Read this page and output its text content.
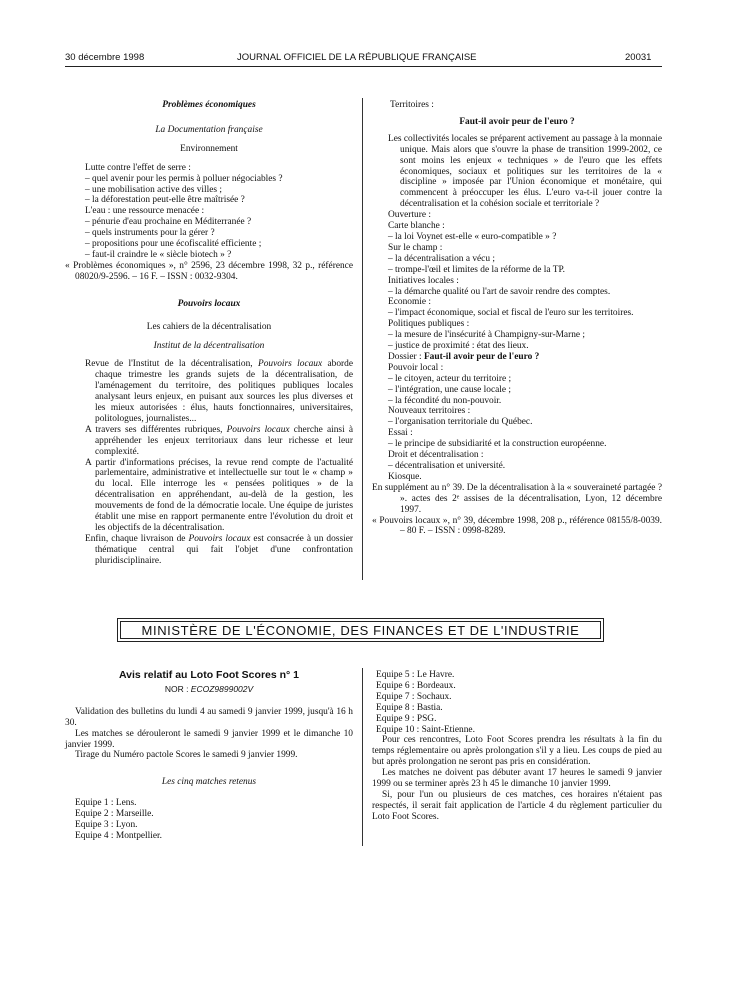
30 décembre 1998	JOURNAL OFFICIEL DE LA RÉPUBLIQUE FRANÇAISE	20031

Problèmes économiques

La Documentation française

Environnement

Lutte contre l'effet de serre :

– quel avenir pour les permis à polluer négociables ?

– une mobilisation active des villes ;

– la déforestation peut-elle être maîtrisée ?

L'eau : une ressource menacée :

– pénurie d'eau prochaine en Méditerranée ?

– quels instruments pour la gérer ?

– propositions pour une écofiscalité efficiente ;

– faut-il craindre le « siècle biotech » ?

« Problèmes économiques », n° 2596, 23 décembre 1998, 32 p., référence 08020/9-2596. – 16 F. – ISSN : 0032-9304.

Pouvoirs locaux

Les cahiers de la décentralisation

Institut de la décentralisation

Revue de l'Institut de la décentralisation, Pouvoirs locaux aborde chaque trimestre les grands sujets de la décentralisation, de l'aménagement du territoire, des politiques publiques locales analysant leurs enjeux, en puisant aux sources les plus diverses et les mieux autorisées : élus, hauts fonctionnaires, universitaires, politologues, journalistes...

A travers ses différentes rubriques, Pouvoirs locaux cherche ainsi à appréhender les enjeux territoriaux dans leur richesse et leur complexité.

A partir d'informations précises, la revue rend compte de l'actualité parlementaire, administrative et intellectuelle sur tout le « champ » du local. Elle interroge les « pensées politiques » de la décentralisation en appréhendant, au-delà de la gestion, les mouvements de fond de la démocratie locale. Une équipe de juristes établit une mise en rapport permanente entre l'évolution du droit et les objectifs de la décentralisation.

Enfin, chaque livraison de Pouvoirs locaux est consacrée à un dossier thématique central qui fait l'objet d'une confrontation pluridisciplinaire.

Territoires :

Faut-il avoir peur de l'euro ?

Les collectivités locales se préparent activement au passage à la monnaie unique. Mais alors que s'ouvre la phase de transition 1999-2002, ce sont moins les enjeux « techniques » de l'euro que les effets économiques, sociaux et politiques sur les territoires de la « discipline » imposée par l'Union économique et monétaire, qui commencent à préoccuper les élus. L'euro va-t-il jouer contre la décentralisation et la cohésion sociale et territoriale ?

Ouverture :

Carte blanche :

– la loi Voynet est-elle « euro-compatible » ?

Sur le champ :

– la décentralisation a vécu ;

– trompe-l'œil et limites de la réforme de la TP.

Initiatives locales :

– la démarche qualité ou l'art de savoir rendre des comptes.

Economie :

– l'impact économique, social et fiscal de l'euro sur les territoires.

Politiques publiques :

– la mesure de l'insécurité à Champigny-sur-Marne ;

– justice de proximité : état des lieux.

Dossier : Faut-il avoir peur de l'euro ?

Pouvoir local :

– le citoyen, acteur du territoire ;

– l'intégration, une cause locale ;

– la fécondité du non-pouvoir.

Nouveaux territoires :

– l'organisation territoriale du Québec.

Essai :

– le principe de subsidiarité et la construction européenne.

Droit et décentralisation :

– décentralisation et université.

Kiosque.

En supplément au n° 39. De la décentralisation à la « souveraineté partagée ? ». actes des 2ᵉ assises de la décentralisation, Lyon, 12 décembre 1997.

« Pouvoirs locaux », n° 39, décembre 1998, 208 p., référence 08155/8-0039. – 80 F. – ISSN : 0998-8289.

MINISTÈRE DE L'ÉCONOMIE, DES FINANCES ET DE L'INDUSTRIE

Avis relatif au Loto Foot Scores n° 1

NOR : ECOZ9899002V

Validation des bulletins du lundi 4 au samedi 9 janvier 1999, jusqu'à 16 h 30.

Les matches se dérouleront le samedi 9 janvier 1999 et le dimanche 10 janvier 1999.

Tirage du Numéro pactole Scores le samedi 9 janvier 1999.

Les cinq matches retenus

Equipe 1 : Lens.

Equipe 2 : Marseille.

Equipe 3 : Lyon.

Equipe 4 : Montpellier.

Equipe 5 : Le Havre.

Equipe 6 : Bordeaux.

Equipe 7 : Sochaux.

Equipe 8 : Bastia.

Equipe 9 : PSG.

Equipe 10 : Saint-Etienne.

Pour ces rencontres, Loto Foot Scores prendra les résultats à la fin du temps réglementaire ou après prolongation s'il y a lieu. Les coups de pied au but après prolongation ne seront pas pris en considération.

Les matches ne doivent pas débuter avant 17 heures le samedi 9 janvier 1999 ou se terminer après 23 h 45 le dimanche 10 janvier 1999.

Si, pour l'un ou plusieurs de ces matches, ces horaires n'étaient pas respectés, il serait fait application de l'article 4 du règlement particulier du Loto Foot Scores.
